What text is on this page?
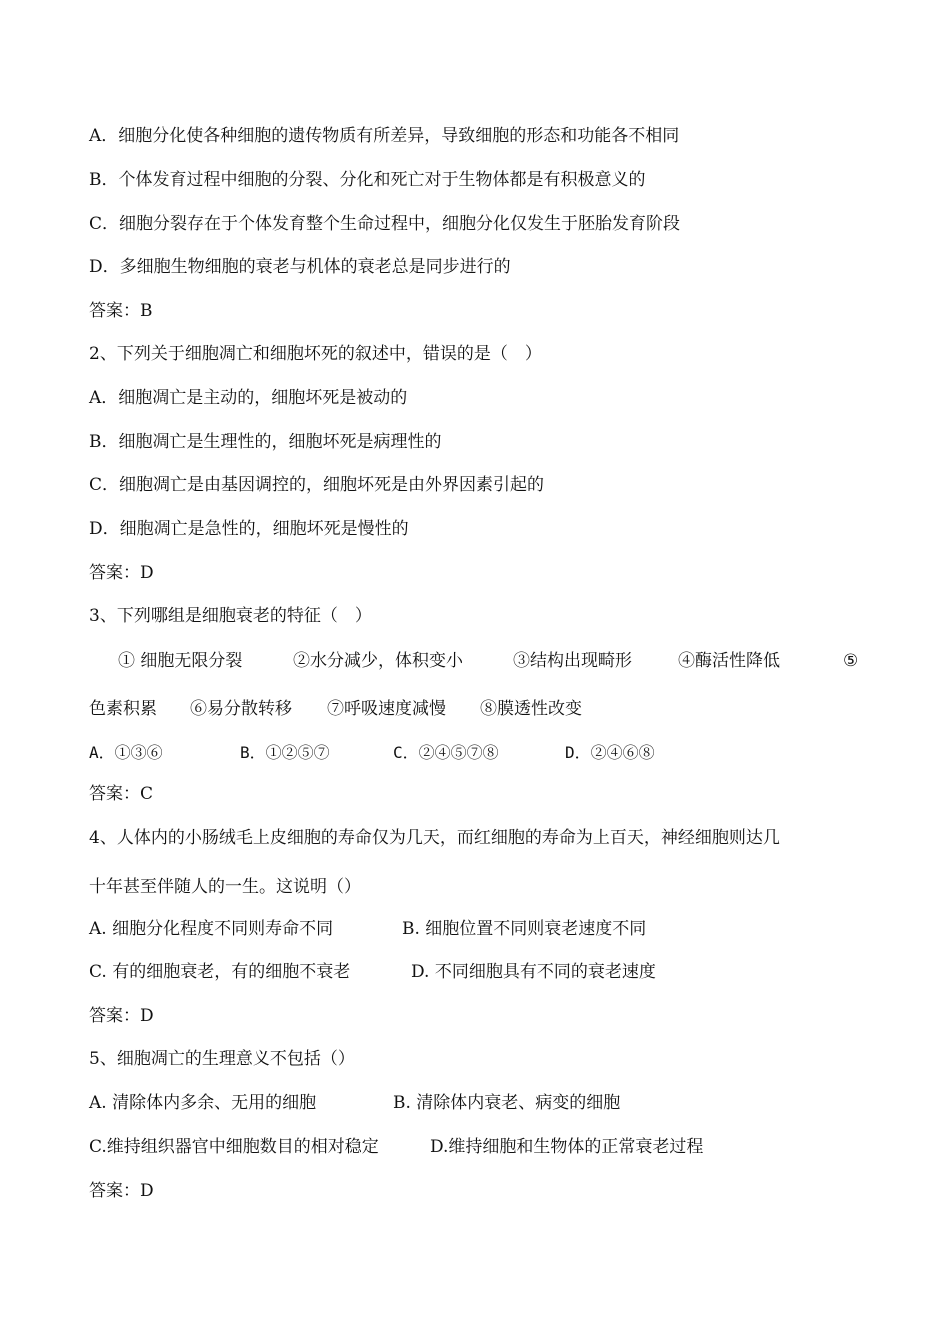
A．细胞分化使各种细胞的遗传物质有所差异，导致细胞的形态和功能各不相同
B．个体发育过程中细胞的分裂、分化和死亡对于生物体都是有积极意义的
C．细胞分裂存在于个体发育整个生命过程中，细胞分化仅发生于胚胎发育阶段
D．多细胞生物细胞的衰老与机体的衰老总是同步进行的
答案：B
2、下列关于细胞凋亡和细胞坏死的叙述中，错误的是（　）
A．细胞凋亡是主动的，细胞坏死是被动的
B．细胞凋亡是生理性的，细胞坏死是病理性的
C．细胞凋亡是由基因调控的，细胞坏死是由外界因素引起的
D．细胞凋亡是急性的，细胞坏死是慢性的
答案：D
3、下列哪组是细胞衰老的特征（　）
① 细胞无限分裂	②水分减少，体积变小	③结构出现畸形	④酶活性降低	⑤
色素积累 ⑥易分散转移 ⑦呼吸速度减慢 ⑧膜透性改变
A．①③⑥	B．①②⑤⑦	C．②④⑤⑦⑧	D．②④⑥⑧
答案：C
4、人体内的小肠绒毛上皮细胞的寿命仅为几天，而红细胞的寿命为上百天，神经细胞则达几
十年甚至伴随人的一生。这说明（）
A. 细胞分化程度不同则寿命不同	B. 细胞位置不同则衰老速度不同
C. 有的细胞衰老，有的细胞不衰老	D. 不同细胞具有不同的衰老速度
答案：D
5、细胞凋亡的生理意义不包括（）
A. 清除体内多余、无用的细胞	B. 清除体内衰老、病变的细胞
C.维持组织器官中细胞数目的相对稳定	D.维持细胞和生物体的正常衰老过程
答案：D
